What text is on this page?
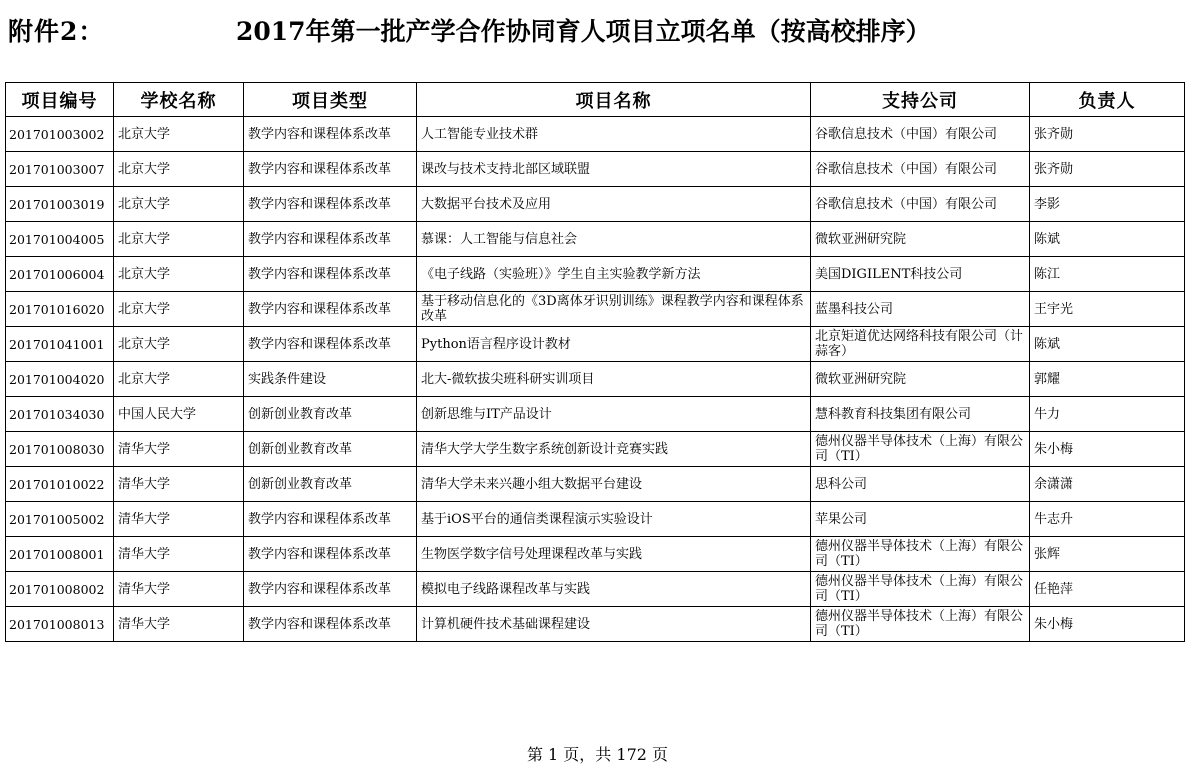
附件2：	2017年第一批产学合作协同育人项目立项名单（按高校排序）
项目编号	学校名称	项目类型	项目名称	支持公司	负责人
201701003002	北京大学	教学内容和课程体系改革	人工智能专业技术群	谷歌信息技术（中国）有限公司	张齐勋
201701003007	北京大学	教学内容和课程体系改革	课改与技术支持北部区域联盟	谷歌信息技术（中国）有限公司	张齐勋
201701003019	北京大学	教学内容和课程体系改革	大数据平台技术及应用	谷歌信息技术（中国）有限公司	李影
201701004005	北京大学	教学内容和课程体系改革	慕课：人工智能与信息社会	微软亚洲研究院	陈斌
201701006004	北京大学	教学内容和课程体系改革	《电子线路（实验班）》学生自主实验教学新方法	美国DIGILENT科技公司	陈江
201701016020	北京大学	教学内容和课程体系改革	基于移动信息化的《3D离体牙识别训练》课程教学内容和课程体系改革	蓝墨科技公司	王宇光
201701041001	北京大学	教学内容和课程体系改革	Python语言程序设计教材	北京矩道优达网络科技有限公司（计蒜客）	陈斌
201701004020	北京大学	实践条件建设	北大-微软拔尖班科研实训项目	微软亚洲研究院	郭耀
201701034030	中国人民大学	创新创业教育改革	创新思维与IT产品设计	慧科教育科技集团有限公司	牛力
201701008030	清华大学	创新创业教育改革	清华大学大学生数字系统创新设计竞赛实践	德州仪器半导体技术（上海）有限公司（TI）	朱小梅
201701010022	清华大学	创新创业教育改革	清华大学未来兴趣小组大数据平台建设	思科公司	余潇潇
201701005002	清华大学	教学内容和课程体系改革	基于iOS平台的通信类课程演示实验设计	苹果公司	牛志升
201701008001	清华大学	教学内容和课程体系改革	生物医学数字信号处理课程改革与实践	德州仪器半导体技术（上海）有限公司（TI）	张辉
201701008002	清华大学	教学内容和课程体系改革	模拟电子线路课程改革与实践	德州仪器半导体技术（上海）有限公司（TI）	任艳萍
201701008013	清华大学	教学内容和课程体系改革	计算机硬件技术基础课程建设	德州仪器半导体技术（上海）有限公司（TI）	朱小梅
第 1 页，共 172 页
